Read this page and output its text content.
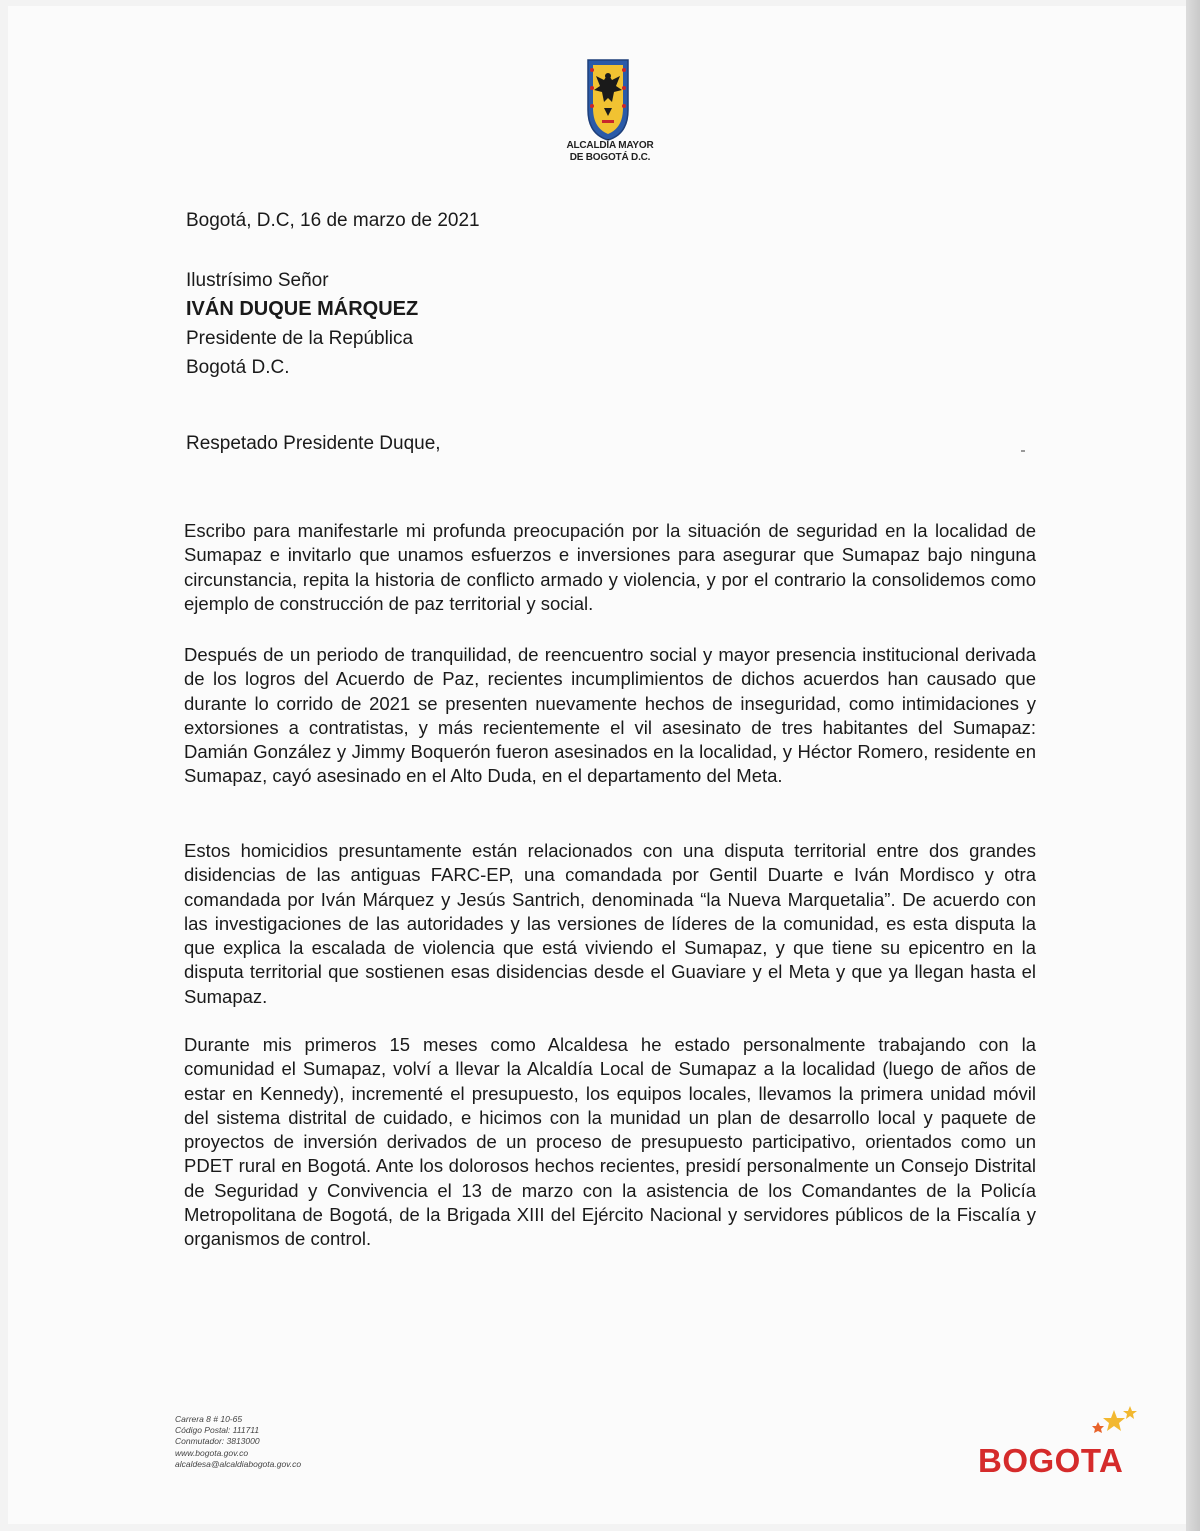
ALCALDÍA MAYOR
DE BOGOTÁ D.C.
Bogotá, D.C, 16 de marzo de 2021
Ilustrísimo Señor
IVÁN DUQUE MÁRQUEZ
Presidente de la República
Bogotá D.C.
Respetado Presidente Duque,
Escribo para manifestarle mi profunda preocupación por la situación de seguridad en la localidad de Sumapaz e invitarlo que unamos esfuerzos e inversiones para asegurar que Sumapaz bajo ninguna circunstancia, repita la historia de conflicto armado y violencia, y por el contrario la consolidemos como ejemplo de construcción de paz territorial y social.
Después de un periodo de tranquilidad, de reencuentro social y mayor presencia institucional derivada de los logros del Acuerdo de Paz, recientes incumplimientos de dichos acuerdos han causado que durante lo corrido de 2021 se presenten nuevamente hechos de inseguridad, como intimidaciones y extorsiones a contratistas, y más recientemente el vil asesinato de tres habitantes del Sumapaz: Damián González y Jimmy Boquerón fueron asesinados en la localidad, y Héctor Romero, residente en Sumapaz, cayó asesinado en el Alto Duda, en el departamento del Meta.
Estos homicidios presuntamente están relacionados con una disputa territorial entre dos grandes disidencias de las antiguas FARC-EP, una comandada por Gentil Duarte e Iván Mordisco y otra comandada por Iván Márquez y Jesús Santrich, denominada “la Nueva Marquetalia”. De acuerdo con las investigaciones de las autoridades y las versiones de líderes de la comunidad, es esta disputa la que explica la escalada de violencia que está viviendo el Sumapaz, y que tiene su epicentro en la disputa territorial que sostienen esas disidencias desde el Guaviare y el Meta y que ya llegan hasta el Sumapaz.
Durante mis primeros 15 meses como Alcaldesa he estado personalmente trabajando con la comunidad el Sumapaz, volví a llevar la Alcaldía Local de Sumapaz a la localidad (luego de años de estar en Kennedy), incrementé el presupuesto, los equipos locales, llevamos la primera unidad móvil del sistema distrital de cuidado, e hicimos con la munidad un plan de desarrollo local y paquete de proyectos de inversión derivados de un proceso de presupuesto participativo, orientados como un PDET rural en Bogotá. Ante los dolorosos hechos recientes, presidí personalmente un Consejo Distrital de Seguridad y Convivencia el 13 de marzo con la asistencia de los Comandantes de la Policía Metropolitana de Bogotá, de la Brigada XIII del Ejército Nacional y servidores públicos de la Fiscalía y organismos de control.
Carrera 8 # 10-65
Código Postal: 111711
Conmutador: 3813000
www.bogota.gov.co
alcaldesa@alcaldiabogota.gov.co	BOGOTA
